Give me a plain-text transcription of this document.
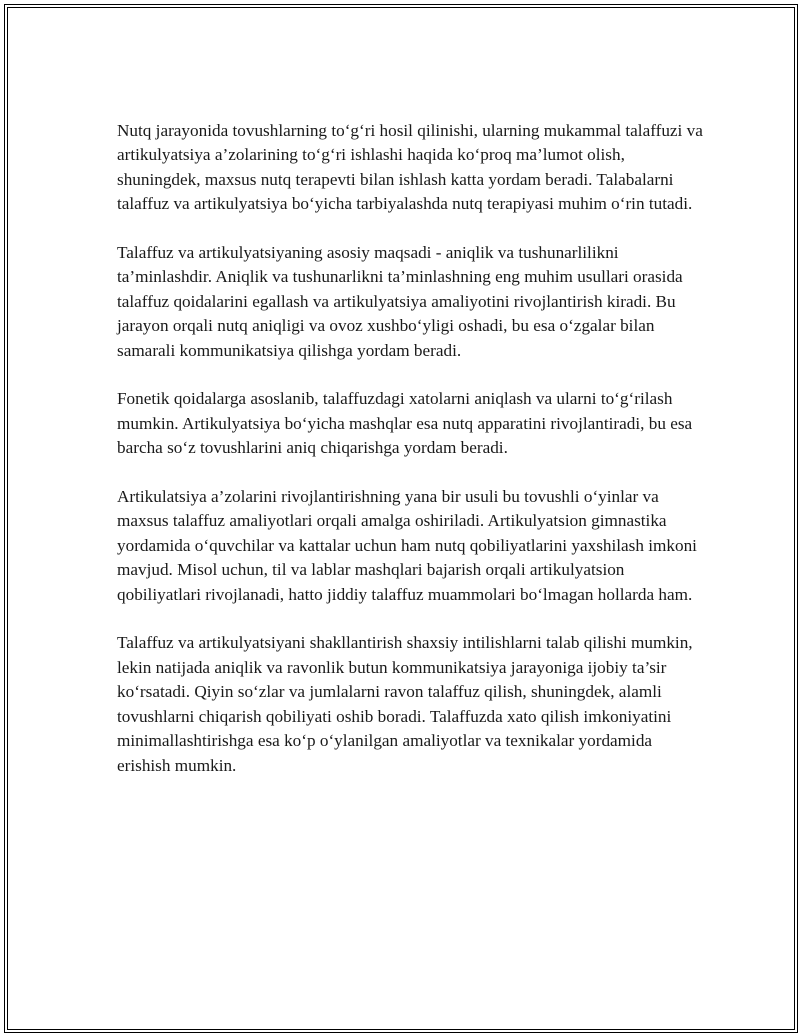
Nutq jarayonida tovushlarning to‘g‘ri hosil qilinishi, ularning mukammal talaffuzi va artikulyatsiya a’zolarining to‘g‘ri ishlashi haqida ko‘proq ma’lumot olish, shuningdek, maxsus nutq terapevti bilan ishlash katta yordam beradi. Talabalarni talaffuz va artikulyatsiya bo‘yicha tarbiyalashda nutq terapiyasi muhim o‘rin tutadi.

Talaffuz va artikulyatsiyaning asosiy maqsadi - aniqlik va tushunarlilikni ta’minlashdir. Aniqlik va tushunarlikni ta’minlashning eng muhim usullari orasida talaffuz qoidalarini egallash va artikulyatsiya amaliyotini rivojlantirish kiradi. Bu jarayon orqali nutq aniqligi va ovoz xushbo‘yligi oshadi, bu esa o‘zgalar bilan samarali kommunikatsiya qilishga yordam beradi.

Fonetik qoidalarga asoslanib, talaffuzdagi xatolarni aniqlash va ularni to‘g‘rilash mumkin. Artikulyatsiya bo‘yicha mashqlar esa nutq apparatini rivojlantiradi, bu esa barcha so‘z tovushlarini aniq chiqarishga yordam beradi.

Artikulatsiya a’zolarini rivojlantirishning yana bir usuli bu tovushli o‘yinlar va maxsus talaffuz amaliyotlari orqali amalga oshiriladi. Artikulyatsion gimnastika yordamida o‘quvchilar va kattalar uchun ham nutq qobiliyatlarini yaxshilash imkoni mavjud. Misol uchun, til va lablar mashqlari bajarish orqali artikulyatsion qobiliyatlari rivojlanadi, hatto jiddiy talaffuz muammolari bo‘lmagan hollarda ham.

Talaffuz va artikulyatsiyani shakllantirish shaxsiy intilishlarni talab qilishi mumkin, lekin natijada aniqlik va ravonlik butun kommunikatsiya jarayoniga ijobiy ta’sir ko‘rsatadi. Qiyin so‘zlar va jumlalarni ravon talaffuz qilish, shuningdek, alamli tovushlarni chiqarish qobiliyati oshib boradi. Talaffuzda xato qilish imkoniyatini minimallashtirishga esa ko‘p o‘ylanilgan amaliyotlar va texnikalar yordamida erishish mumkin.
